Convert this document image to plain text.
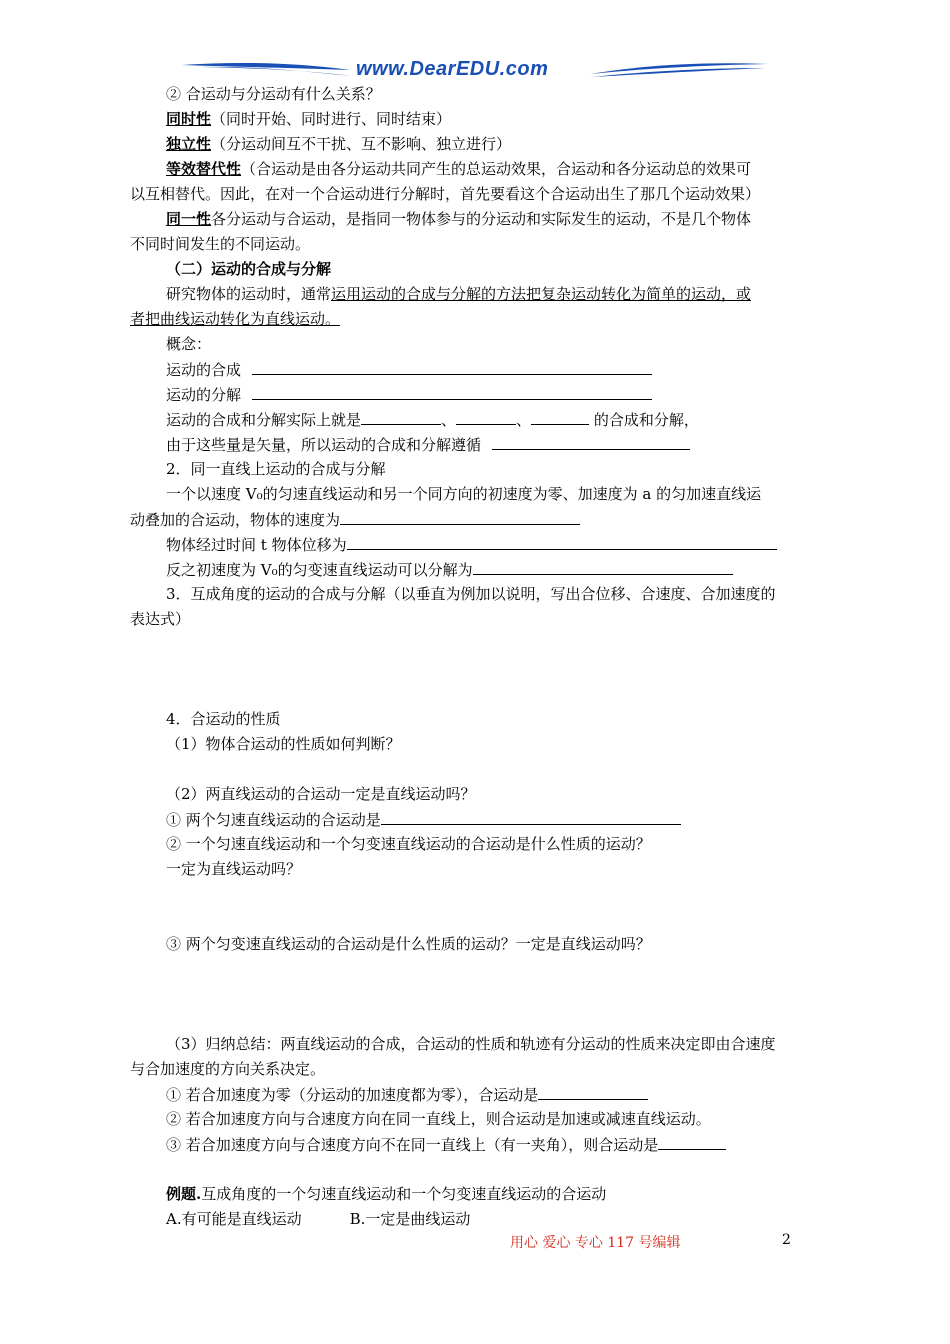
www.DearEDU.com
② 合运动与分运动有什么关系？
同时性（同时开始、同时进行、同时结束）
独立性（分运动间互不干扰、互不影响、独立进行）
等效替代性（合运动是由各分运动共同产生的总运动效果，合运动和各分运动总的效果可
以互相替代。因此，在对一个合运动进行分解时，首先要看这个合运动出生了那几个运动效果）
同一性各分运动与合运动，是指同一物体参与的分运动和实际发生的运动，不是几个物体
不同时间发生的不同运动。
（二）运动的合成与分解
研究物体的运动时，通常运用运动的合成与分解的方法把复杂运动转化为简单的运动，或
者把曲线运动转化为直线运动。
概念：
运动的合成
运动的分解
运动的合成和分解实际上就是	、	、	的合成和分解，
由于这些量是矢量，所以运动的合成和分解遵循
2．同一直线上运动的合成与分解
一个以速度 V₀的匀速直线运动和另一个同方向的初速度为零、加速度为 a 的匀加速直线运
动叠加的合运动，物体的速度为
物体经过时间 t 物体位移为
反之初速度为 V₀的匀变速直线运动可以分解为
3．互成角度的运动的合成与分解（以垂直为例加以说明，写出合位移、合速度、合加速度的
表达式）
4．合运动的性质
（1）物体合运动的性质如何判断？
（2）两直线运动的合运动一定是直线运动吗？
① 两个匀速直线运动的合运动是
② 一个匀速直线运动和一个匀变速直线运动的合运动是什么性质的运动？
一定为直线运动吗？
③ 两个匀变速直线运动的合运动是什么性质的运动？一定是直线运动吗？
（3）归纳总结：两直线运动的合成，合运动的性质和轨迹有分运动的性质来决定即由合速度
与合加速度的方向关系决定。
① 若合加速度为零（分运动的加速度都为零），合运动是
② 若合加速度方向与合速度方向在同一直线上，则合运动是加速或减速直线运动。
③ 若合加速度方向与合速度方向不在同一直线上（有一夹角），则合运动是
例题.互成角度的一个匀速直线运动和一个匀变速直线运动的合运动
A.有可能是直线运动	B.一定是曲线运动
用心 爱心 专心 117 号编辑	2
